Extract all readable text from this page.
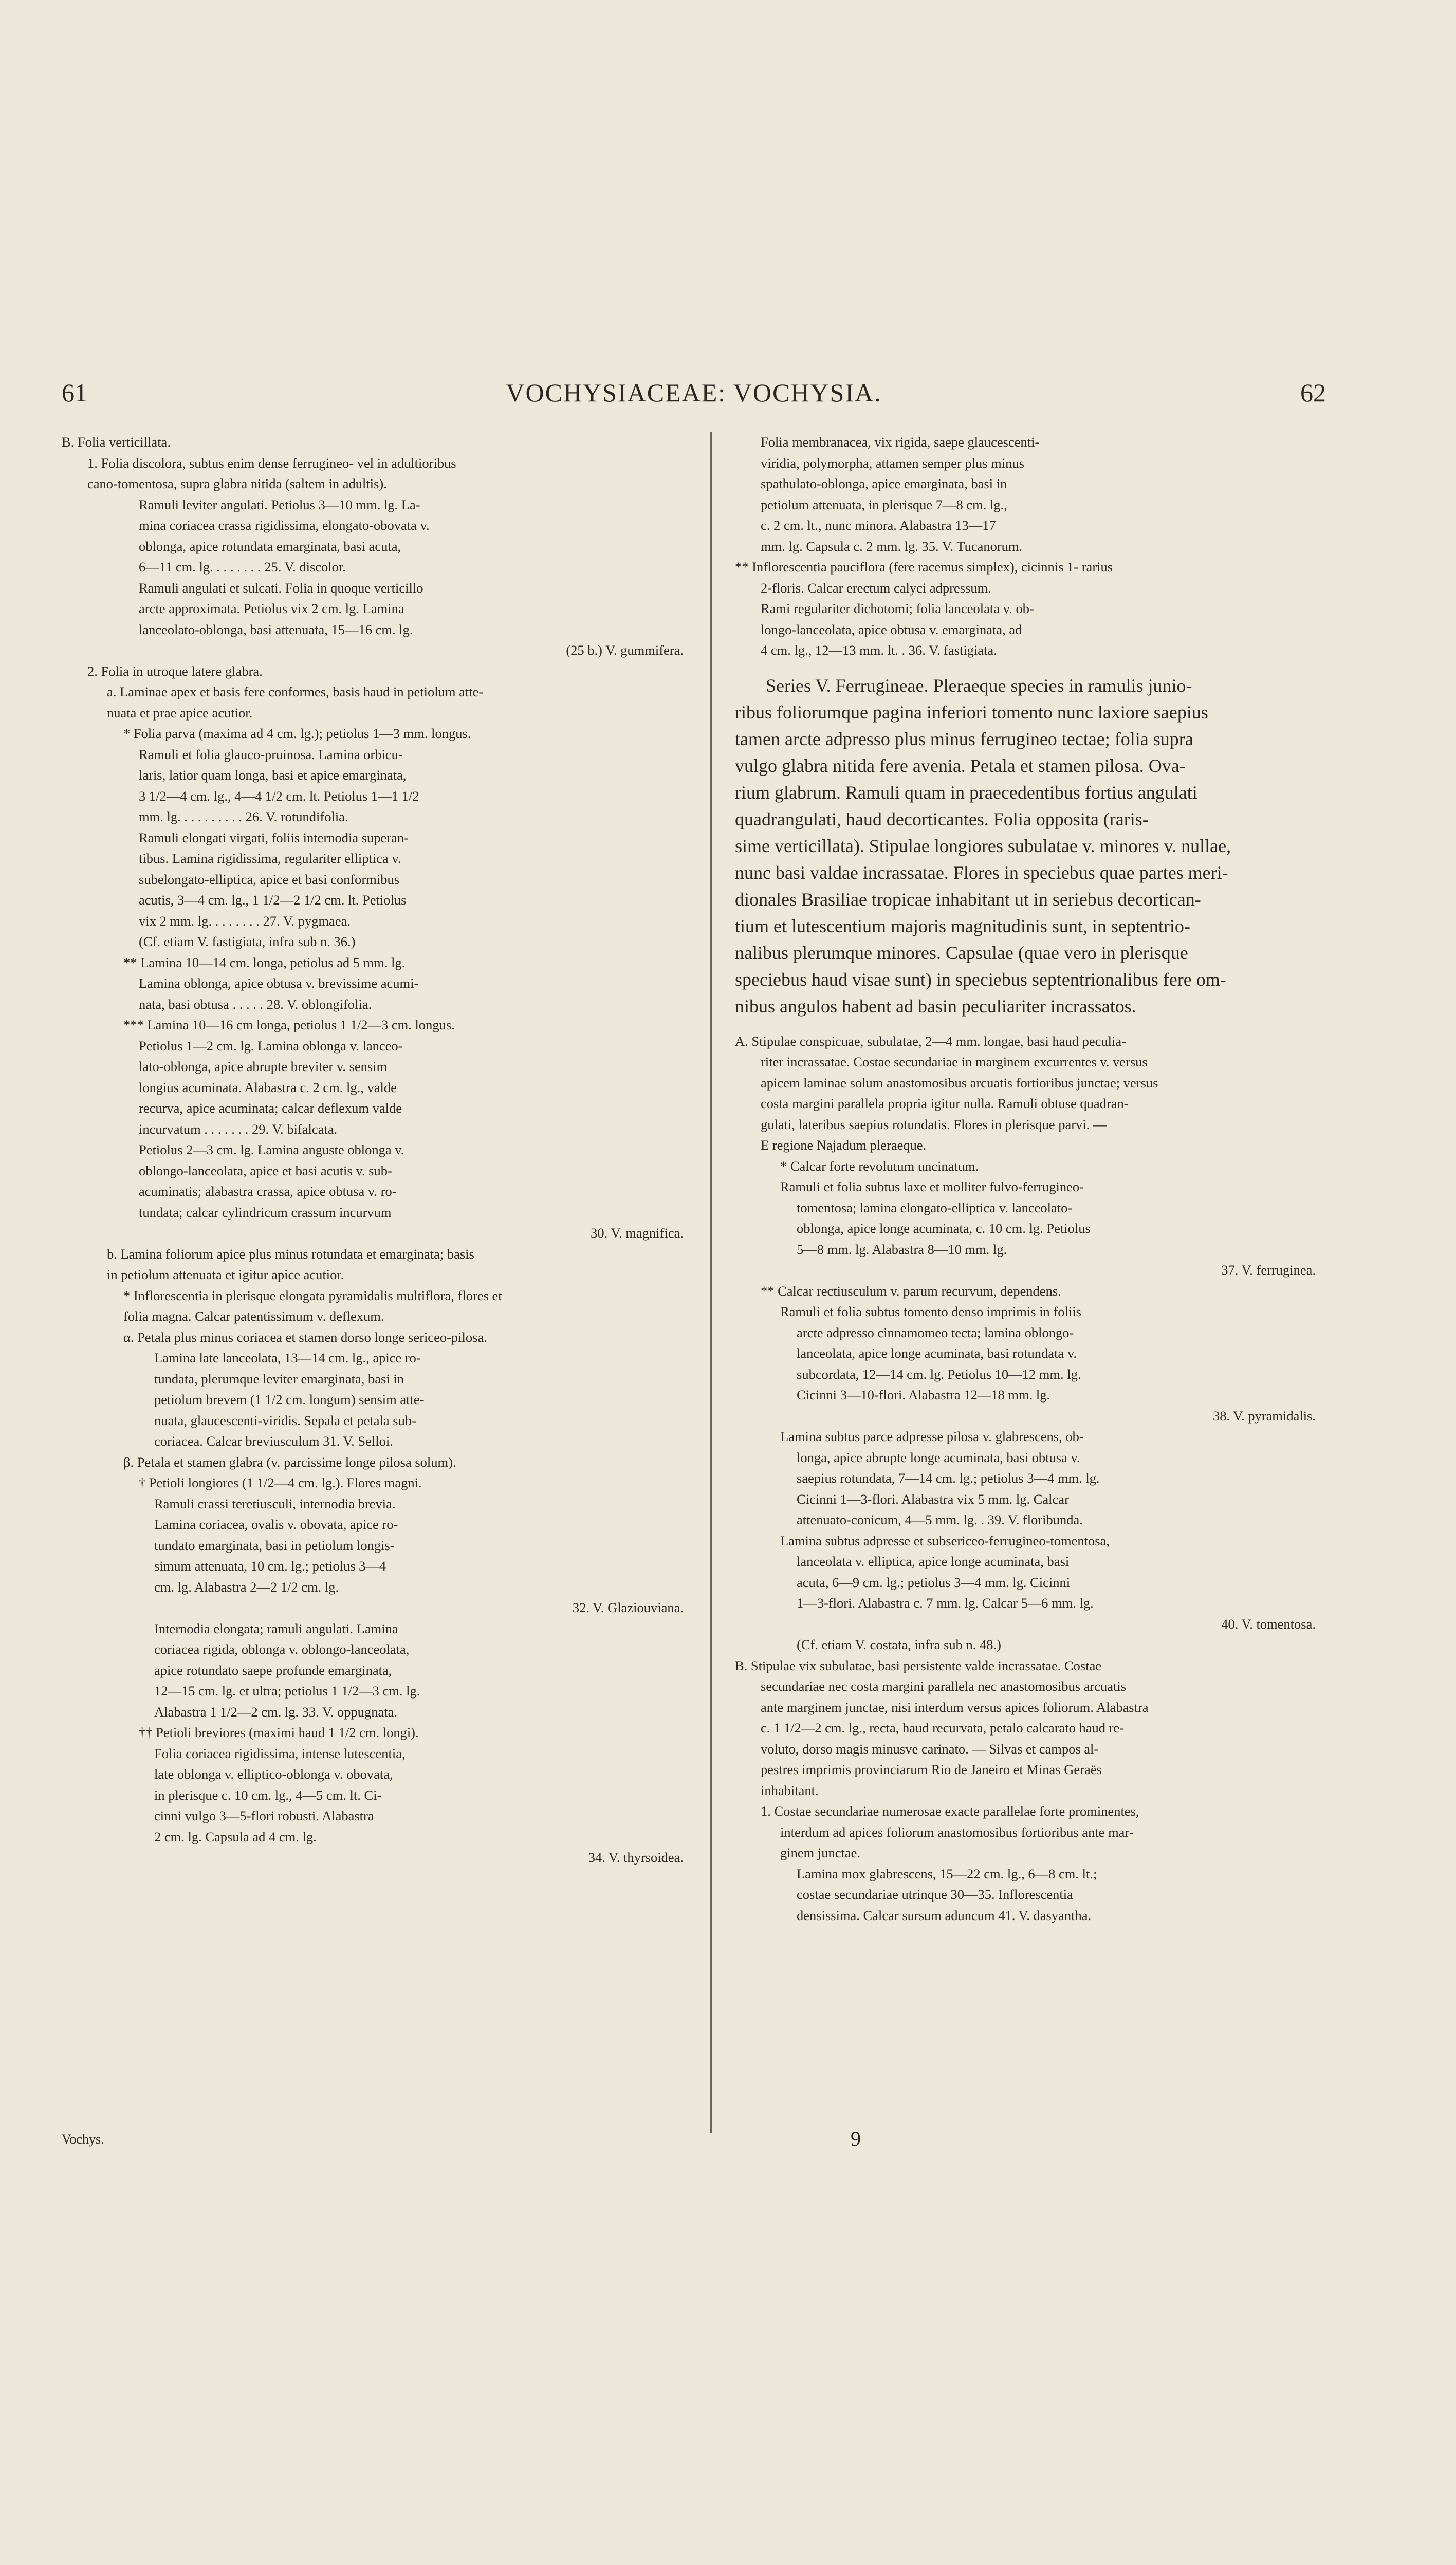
61	VOCHYSIACEAE: VOCHYSIA.	62
B. Folia verticillata.
1. Folia discolora, subtus enim dense ferrugineo- vel in adultioribus
cano-tomentosa, supra glabra nitida (saltem in adultis).
Ramuli leviter angulati. Petiolus 3—10 mm. lg. La-
mina coriacea crassa rigidissima, elongato-obovata v.
oblonga, apice rotundata emarginata, basi acuta,
6—11 cm. lg. . . . . . . . 25. V. discolor.
Ramuli angulati et sulcati. Folia in quoque verticillo
arcte approximata. Petiolus vix 2 cm. lg. Lamina
lanceolato-oblonga, basi attenuata, 15—16 cm. lg.
(25 b.) V. gummifera.
2. Folia in utroque latere glabra.
a. Laminae apex et basis fere conformes, basis haud in petiolum atte-
nuata et prae apice acutior.
* Folia parva (maxima ad 4 cm. lg.); petiolus 1—3 mm. longus.
Ramuli et folia glauco-pruinosa. Lamina orbicu-
laris, latior quam longa, basi et apice emarginata,
3 1/2—4 cm. lg., 4—4 1/2 cm. lt. Petiolus 1—1 1/2
mm. lg. . . . . . . . . . 26. V. rotundifolia.
Ramuli elongati virgati, foliis internodia superan-
tibus. Lamina rigidissima, regulariter elliptica v.
subelongato-elliptica, apice et basi conformibus
acutis, 3—4 cm. lg., 1 1/2—2 1/2 cm. lt. Petiolus
vix 2 mm. lg. . . . . . . . 27. V. pygmaea.
(Cf. etiam V. fastigiata, infra sub n. 36.)
** Lamina 10—14 cm. longa, petiolus ad 5 mm. lg.
Lamina oblonga, apice obtusa v. brevissime acumi-
nata, basi obtusa . . . . . 28. V. oblongifolia.
*** Lamina 10—16 cm longa, petiolus 1 1/2—3 cm. longus.
Petiolus 1—2 cm. lg. Lamina oblonga v. lanceo-
lato-oblonga, apice abrupte breviter v. sensim
longius acuminata. Alabastra c. 2 cm. lg., valde
recurva, apice acuminata; calcar deflexum valde
incurvatum . . . . . . . 29. V. bifalcata.
Petiolus 2—3 cm. lg. Lamina anguste oblonga v.
oblongo-lanceolata, apice et basi acutis v. sub-
acuminatis; alabastra crassa, apice obtusa v. ro-
tundata; calcar cylindricum crassum incurvum
30. V. magnifica.
b. Lamina foliorum apice plus minus rotundata et emarginata; basis
in petiolum attenuata et igitur apice acutior.
* Inflorescentia in plerisque elongata pyramidalis multiflora, flores et
folia magna. Calcar patentissimum v. deflexum.
α. Petala plus minus coriacea et stamen dorso longe sericeo-pilosa.
Lamina late lanceolata, 13—14 cm. lg., apice ro-
tundata, plerumque leviter emarginata, basi in
petiolum brevem (1 1/2 cm. longum) sensim atte-
nuata, glaucescenti-viridis. Sepala et petala sub-
coriacea. Calcar breviusculum 31. V. Selloi.
β. Petala et stamen glabra (v. parcissime longe pilosa solum).
† Petioli longiores (1 1/2—4 cm. lg.). Flores magni.
Ramuli crassi teretiusculi, internodia brevia.
Lamina coriacea, ovalis v. obovata, apice ro-
tundato emarginata, basi in petiolum longis-
simum attenuata, 10 cm. lg.; petiolus 3—4
cm. lg. Alabastra 2—2 1/2 cm. lg.
32. V. Glaziouviana.
Internodia elongata; ramuli angulati. Lamina
coriacea rigida, oblonga v. oblongo-lanceolata,
apice rotundato saepe profunde emarginata,
12—15 cm. lg. et ultra; petiolus 1 1/2—3 cm. lg.
Alabastra 1 1/2—2 cm. lg. 33. V. oppugnata.
†† Petioli breviores (maximi haud 1 1/2 cm. longi).
Folia coriacea rigidissima, intense lutescentia,
late oblonga v. elliptico-oblonga v. obovata,
in plerisque c. 10 cm. lg., 4—5 cm. lt. Ci-
cinni vulgo 3—5-flori robusti. Alabastra
2 cm. lg. Capsula ad 4 cm. lg.
34. V. thyrsoidea.
Folia membranacea, vix rigida, saepe glaucescenti-
viridia, polymorpha, attamen semper plus minus
spathulato-oblonga, apice emarginata, basi in
petiolum attenuata, in plerisque 7—8 cm. lg.,
c. 2 cm. lt., nunc minora. Alabastra 13—17
mm. lg. Capsula c. 2 mm. lg. 35. V. Tucanorum.
** Inflorescentia pauciflora (fere racemus simplex), cicinnis 1- rarius
2-floris. Calcar erectum calyci adpressum.
Rami regulariter dichotomi; folia lanceolata v. ob-
longo-lanceolata, apice obtusa v. emarginata, ad
4 cm. lg., 12—13 mm. lt. . 36. V. fastigiata.
Series V. Ferrugineae. Pleraeque species in ramulis junio-
ribus foliorumque pagina inferiori tomento nunc laxiore saepius
tamen arcte adpresso plus minus ferrugineo tectae; folia supra
vulgo glabra nitida fere avenia. Petala et stamen pilosa. Ova-
rium glabrum. Ramuli quam in praecedentibus fortius angulati
quadrangulati, haud decorticantes. Folia opposita (raris-
sime verticillata). Stipulae longiores subulatae v. minores v. nullae,
nunc basi valdae incrassatae. Flores in speciebus quae partes meri-
dionales Brasiliae tropicae inhabitant ut in seriebus decortican-
tium et lutescentium majoris magnitudinis sunt, in septentrio-
nalibus plerumque minores. Capsulae (quae vero in plerisque
speciebus haud visae sunt) in speciebus septentrionalibus fere om-
nibus angulos habent ad basin peculiariter incrassatos.
A. Stipulae conspicuae, subulatae, 2—4 mm. longae, basi haud peculia-
riter incrassatae. Costae secundariae in marginem excurrentes v. versus
apicem laminae solum anastomosibus arcuatis fortioribus junctae; versus
costa margini parallela propria igitur nulla. Ramuli obtuse quadran-
gulati, lateribus saepius rotundatis. Flores in plerisque parvi. —
E regione Najadum pleraeque.
* Calcar forte revolutum uncinatum.
Ramuli et folia subtus laxe et molliter fulvo-ferrugineo-
tomentosa; lamina elongato-elliptica v. lanceolato-
oblonga, apice longe acuminata, c. 10 cm. lg. Petiolus
5—8 mm. lg. Alabastra 8—10 mm. lg.
37. V. ferruginea.
** Calcar rectiusculum v. parum recurvum, dependens.
Ramuli et folia subtus tomento denso imprimis in foliis
arcte adpresso cinnamomeo tecta; lamina oblongo-
lanceolata, apice longe acuminata, basi rotundata v.
subcordata, 12—14 cm. lg. Petiolus 10—12 mm. lg.
Cicinni 3—10-flori. Alabastra 12—18 mm. lg.
38. V. pyramidalis.
Lamina subtus parce adpresse pilosa v. glabrescens, ob-
longa, apice abrupte longe acuminata, basi obtusa v.
saepius rotundata, 7—14 cm. lg.; petiolus 3—4 mm. lg.
Cicinni 1—3-flori. Alabastra vix 5 mm. lg. Calcar
attenuato-conicum, 4—5 mm. lg. . 39. V. floribunda.
Lamina subtus adpresse et subsericeo-ferrugineo-tomentosa,
lanceolata v. elliptica, apice longe acuminata, basi
acuta, 6—9 cm. lg.; petiolus 3—4 mm. lg. Cicinni
1—3-flori. Alabastra c. 7 mm. lg. Calcar 5—6 mm. lg.
40. V. tomentosa.
(Cf. etiam V. costata, infra sub n. 48.)
B. Stipulae vix subulatae, basi persistente valde incrassatae. Costae
secundariae nec costa margini parallela nec anastomosibus arcuatis
ante marginem junctae, nisi interdum versus apices foliorum. Alabastra
c. 1 1/2—2 cm. lg., recta, haud recurvata, petalo calcarato haud re-
voluto, dorso magis minusve carinato. — Silvas et campos al-
pestres imprimis provinciarum Rio de Janeiro et Minas Geraës
inhabitant.
1. Costae secundariae numerosae exacte parallelae forte prominentes,
interdum ad apices foliorum anastomosibus fortioribus ante mar-
ginem junctae.
Lamina mox glabrescens, 15—22 cm. lg., 6—8 cm. lt.;
costae secundariae utrinque 30—35. Inflorescentia
densissima. Calcar sursum aduncum 41. V. dasyantha.
Vochys.	9
